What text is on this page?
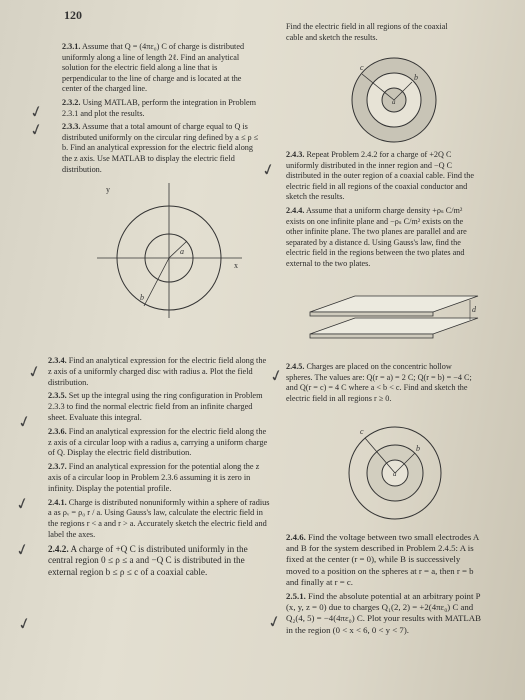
120

2.3.1. Assume that Q = (4πε₀) C of charge is distributed uniformly along a line of length 2ℓ. Find an analytical solution for the electric field along a line that is perpendicular to the line of charge and is located at the center of the charged line.

2.3.2. Using MATLAB, perform the integration in Problem 2.3.1 and plot the results.

2.3.3. Assume that a total amount of charge equal to Q is distributed uniformly on the circular ring defined by a ≤ ρ ≤ b. Find an analytical expression for the electric field along the z axis. Use MATLAB to display the electric field distribution.

y
x
a
b

2.3.4. Find an analytical expression for the electric field along the z axis of a uniformly charged disc with radius a. Plot the field distribution.

2.3.5. Set up the integral using the ring configuration in Problem 2.3.3 to find the normal electric field from an infinite charged sheet. Evaluate this integral.

2.3.6. Find an analytical expression for the electric field along the z axis of a circular loop with a radius a, carrying a uniform charge of Q. Display the electric field distribution.

2.3.7. Find an analytical expression for the potential along the z axis of a circular loop in Problem 2.3.6 assuming it is zero in infinity. Display the potential profile.

2.4.1. Charge is distributed nonuniformly within a sphere of radius a as ρᵥ = ρ₀ r / a. Using Gauss's law, calculate the electric field in the regions r < a and r > a. Accurately sketch the electric field and label the axes.

2.4.2. A charge of +Q C is distributed uniformly in the central region 0 ≤ ρ ≤ a and −Q C is distributed in the external region b ≤ ρ ≤ c of a coaxial cable.

Find the electric field in all regions of the coaxial cable and sketch the results.
c
b
a

2.4.3. Repeat Problem 2.4.2 for a charge of +2Q C uniformly distributed in the inner region and −Q C distributed in the outer region of a coaxial cable. Find the electric field in all regions of the coaxial conductor and sketch the results.

2.4.4. Assume that a uniform charge density +ρₛ C/m² exists on one infinite plane and −ρₛ C/m² exists on the other infinite plane. The two planes are parallel and are separated by a distance d. Using Gauss's law, find the electric field in the regions between the two plates and external to the two plates.

d

2.4.5. Charges are placed on the concentric hollow spheres. The values are: Q(r = a) = 2 C; Q(r = b) = −4 C; and Q(r = c) = 4 C where a < b < c. Find and sketch the electric field in all regions r ≥ 0.

c
b
a

2.4.6. Find the voltage between two small electrodes A and B for the system described in Problem 2.4.5: A is fixed at the center (r = 0), while B is successively moved to a position on the spheres at r = a, then r = b and finally at r = c.

2.5.1. Find the absolute potential at an arbitrary point P (x, y, z = 0) due to charges Q₁(2, 2) = +2(4πε₀) C and Q₂(4, 5) = −4(4πε₀) C. Plot your results with MATLAB in the region (0 < x < 6, 0 < y < 7).

✓
✓
✓
✓	✓
✓
✓
✓
✓	✓
